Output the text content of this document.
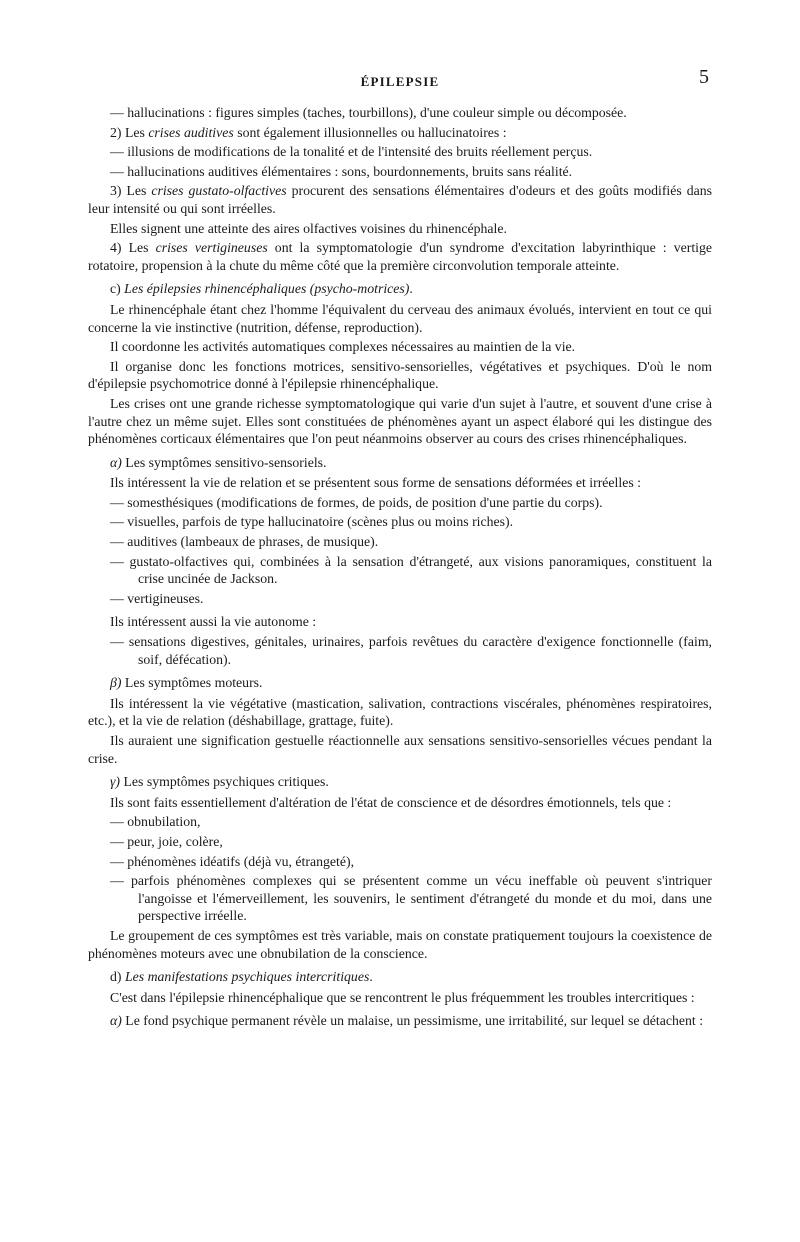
ÉPILEPSIE	5
— hallucinations : figures simples (taches, tourbillons), d'une couleur simple ou décomposée.
2) Les crises auditives sont également illusionnelles ou hallucinatoires :
— illusions de modifications de la tonalité et de l'intensité des bruits réellement perçus.
— hallucinations auditives élémentaires : sons, bourdonnements, bruits sans réalité.
3) Les crises gustato-olfactives procurent des sensations élémentaires d'odeurs et des goûts modifiés dans leur intensité ou qui sont irréelles.
Elles signent une atteinte des aires olfactives voisines du rhinencéphale.
4) Les crises vertigineuses ont la symptomatologie d'un syndrome d'excitation labyrinthique : vertige rotatoire, propension à la chute du même côté que la première circonvolution temporale atteinte.
c) Les épilepsies rhinencéphaliques (psycho-motrices).
Le rhinencéphale étant chez l'homme l'équivalent du cerveau des animaux évolués, intervient en tout ce qui concerne la vie instinctive (nutrition, défense, reproduction).
Il coordonne les activités automatiques complexes nécessaires au maintien de la vie.
Il organise donc les fonctions motrices, sensitivo-sensorielles, végétatives et psychiques. D'où le nom d'épilepsie psychomotrice donné à l'épilepsie rhinencéphalique.
Les crises ont une grande richesse symptomatologique qui varie d'un sujet à l'autre, et souvent d'une crise à l'autre chez un même sujet. Elles sont constituées de phénomènes ayant un aspect élaboré qui les distingue des phénomènes corticaux élémentaires que l'on peut néanmoins observer au cours des crises rhinencéphaliques.
α) Les symptômes sensitivo-sensoriels.
Ils intéressent la vie de relation et se présentent sous forme de sensations déformées et irréelles :
— somesthésiques (modifications de formes, de poids, de position d'une partie du corps).
— visuelles, parfois de type hallucinatoire (scènes plus ou moins riches).
— auditives (lambeaux de phrases, de musique).
— gustato-olfactives qui, combinées à la sensation d'étrangeté, aux visions panoramiques, constituent la crise uncinée de Jackson.
— vertigineuses.
Ils intéressent aussi la vie autonome :
— sensations digestives, génitales, urinaires, parfois revêtues du caractère d'exigence fonctionnelle (faim, soif, défécation).
β) Les symptômes moteurs.
Ils intéressent la vie végétative (mastication, salivation, contractions viscérales, phénomènes respiratoires, etc.), et la vie de relation (déshabillage, grattage, fuite).
Ils auraient une signification gestuelle réactionnelle aux sensations sensitivo-sensorielles vécues pendant la crise.
γ) Les symptômes psychiques critiques.
Ils sont faits essentiellement d'altération de l'état de conscience et de désordres émotionnels, tels que :
— obnubilation,
— peur, joie, colère,
— phénomènes idéatifs (déjà vu, étrangeté),
— parfois phénomènes complexes qui se présentent comme un vécu ineffable où peuvent s'intriquer l'angoisse et l'émerveillement, les souvenirs, le sentiment d'étrangeté du monde et du moi, dans une perspective irréelle.
Le groupement de ces symptômes est très variable, mais on constate pratiquement toujours la coexistence de phénomènes moteurs avec une obnubilation de la conscience.
d) Les manifestations psychiques intercritiques.
C'est dans l'épilepsie rhinencéphalique que se rencontrent le plus fréquemment les troubles intercritiques :
α) Le fond psychique permanent révèle un malaise, un pessimisme, une irritabilité, sur lequel se détachent :
